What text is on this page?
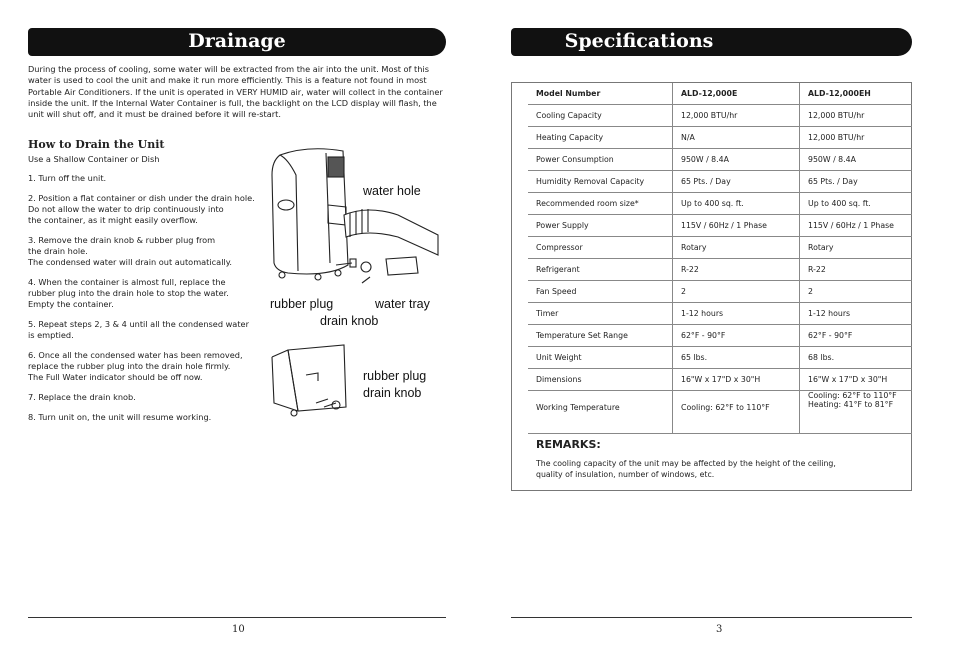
Drainage

During the process of cooling, some water will be extracted from the air into the unit. Most of this water is used to cool the unit and make it run more efficiently. This is a feature not found in most Portable Air Conditioners. If the unit is operated in VERY HUMID air, water will collect in the container inside the unit. If the Internal Water Container is full, the backlight on the LCD display will flash, the unit will shut off, and it must be drained before it will re-start.

How to Drain the Unit
Use a Shallow Container or Dish
1. Turn off the unit.
2. Position a flat container or dish under the drain hole.
Do not allow the water to drip continuously into
the container, as it might easily overflow.
3. Remove the drain knob & rubber plug from
the drain hole.
The condensed water will drain out automatically.
4. When the container is almost full, replace the
rubber plug into the drain hole to stop the water.
Empty the container.
5. Repeat steps 2, 3 & 4 until all the condensed water
is emptied.
6. Once all the condensed water has been removed,
replace the rubber plug into the drain hole firmly.
The Full Water indicator should be off now.
7. Replace the drain knob.
8. Turn unit on, the unit will resume working.
water hole
rubber plug	water tray
drain knob
rubber plug
drain knob
10
Specifications
Model Number	ALD-12,000E	ALD-12,000EH
Cooling Capacity	12,000 BTU/hr	12,000 BTU/hr
Heating Capacity	N/A	12,000 BTU/hr
Power Consumption	950W / 8.4A	950W / 8.4A
Humidity Removal Capacity	65 Pts. / Day	65 Pts. / Day
Recommended room size*	Up to 400 sq. ft.	Up to 400 sq. ft.
Power Supply	115V / 60Hz / 1 Phase	115V / 60Hz / 1 Phase
Compressor	Rotary	Rotary
Refrigerant	R-22	R-22
Fan Speed	2	2
Timer	1-12 hours	1-12 hours
Temperature Set Range	62°F - 90°F	62°F - 90°F
Unit Weight	65 lbs.	68 lbs.
Dimensions	16"W x 17"D x 30"H	16"W x 17"D x 30"H
Working Temperature	Cooling: 62°F to 110°F	Cooling: 62°F to 110°F
Heating: 41°F to 81°F
REMARKS:

The cooling capacity of the unit may be affected by the height of the ceiling,
quality of insulation, number of windows, etc.

3
